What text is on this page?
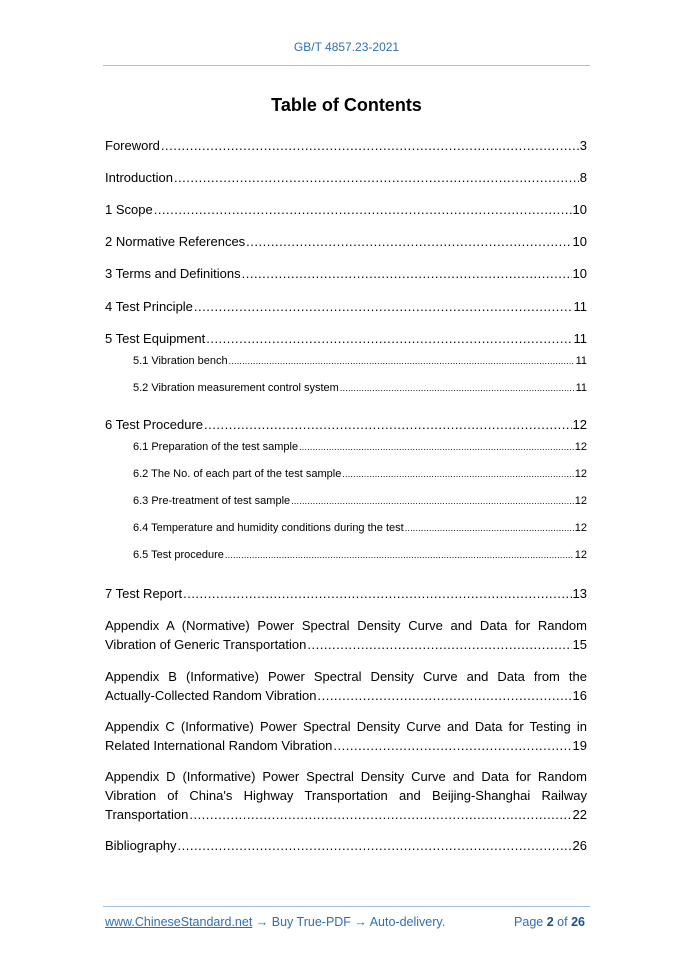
GB/T 4857.23-2021
Table of Contents
Foreword .....	3
Introduction .....	8
1 Scope .....	10
2 Normative References .....	10
3 Terms and Definitions .....	10
4 Test Principle .....	11
5 Test Equipment .....	11
5.1 Vibration bench .....	11
5.2 Vibration measurement control system .....	11
6 Test Procedure .....	12
6.1 Preparation of the test sample .....	12
6.2 The No. of each part of the test sample .....	12
6.3 Pre-treatment of test sample .....	12
6.4 Temperature and humidity conditions during the test .....	12
6.5 Test procedure .....	12
7 Test Report .....	13
Appendix A (Normative) Power Spectral Density Curve and Data for Random
Vibration of Generic Transportation .....	15
Appendix B (Informative) Power Spectral Density Curve and Data from the
Actually-Collected Random Vibration .....	16
Appendix C (Informative) Power Spectral Density Curve and Data for Testing in
Related International Random Vibration .....	19
Appendix D (Informative) Power Spectral Density Curve and Data for Random
Vibration of China's Highway Transportation and Beijing-Shanghai Railway
Transportation .....	22
Bibliography .....	26
www.ChineseStandard.net → Buy True-PDF → Auto-delivery.	Page 2 of 26
